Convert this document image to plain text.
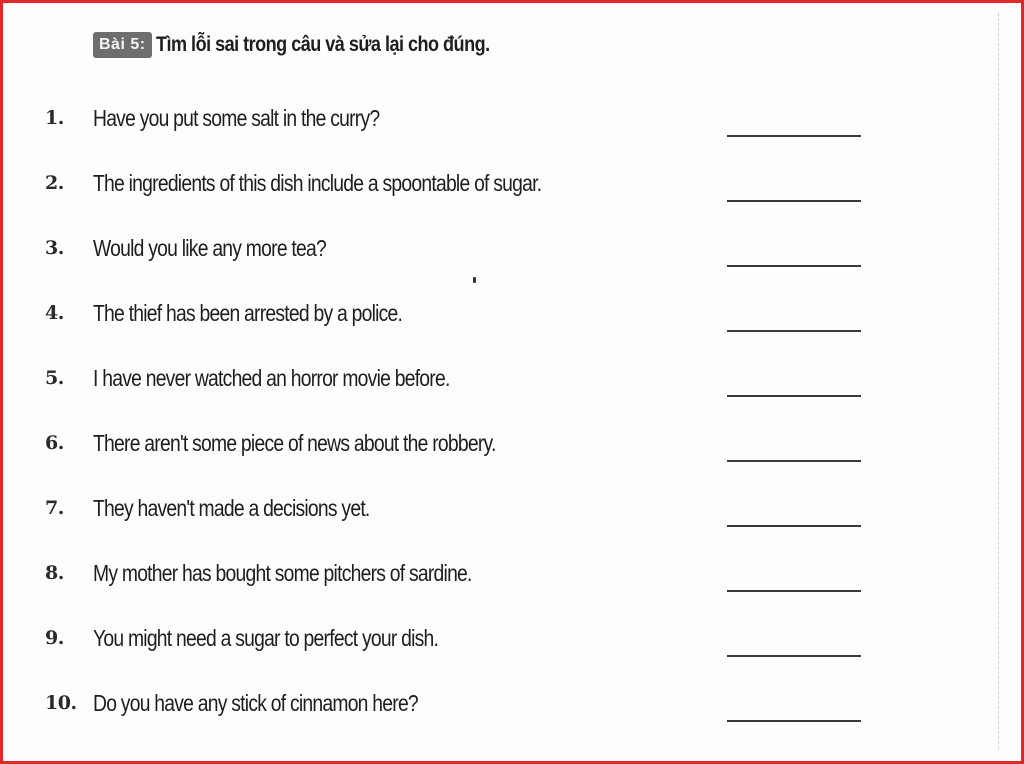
Bài 5: Tìm lỗi sai trong câu và sửa lại cho đúng.
1. Have you put some salt in the curry?
2. The ingredients of this dish include a spoontable of sugar.
3. Would you like any more tea?
4. The thief has been arrested by a police.
5. I have never watched an horror movie before.
6. There aren't some piece of news about the robbery.
7. They haven't made a decisions yet.
8. My mother has bought some pitchers of sardine.
9. You might need a sugar to perfect your dish.
10. Do you have any stick of cinnamon here?
